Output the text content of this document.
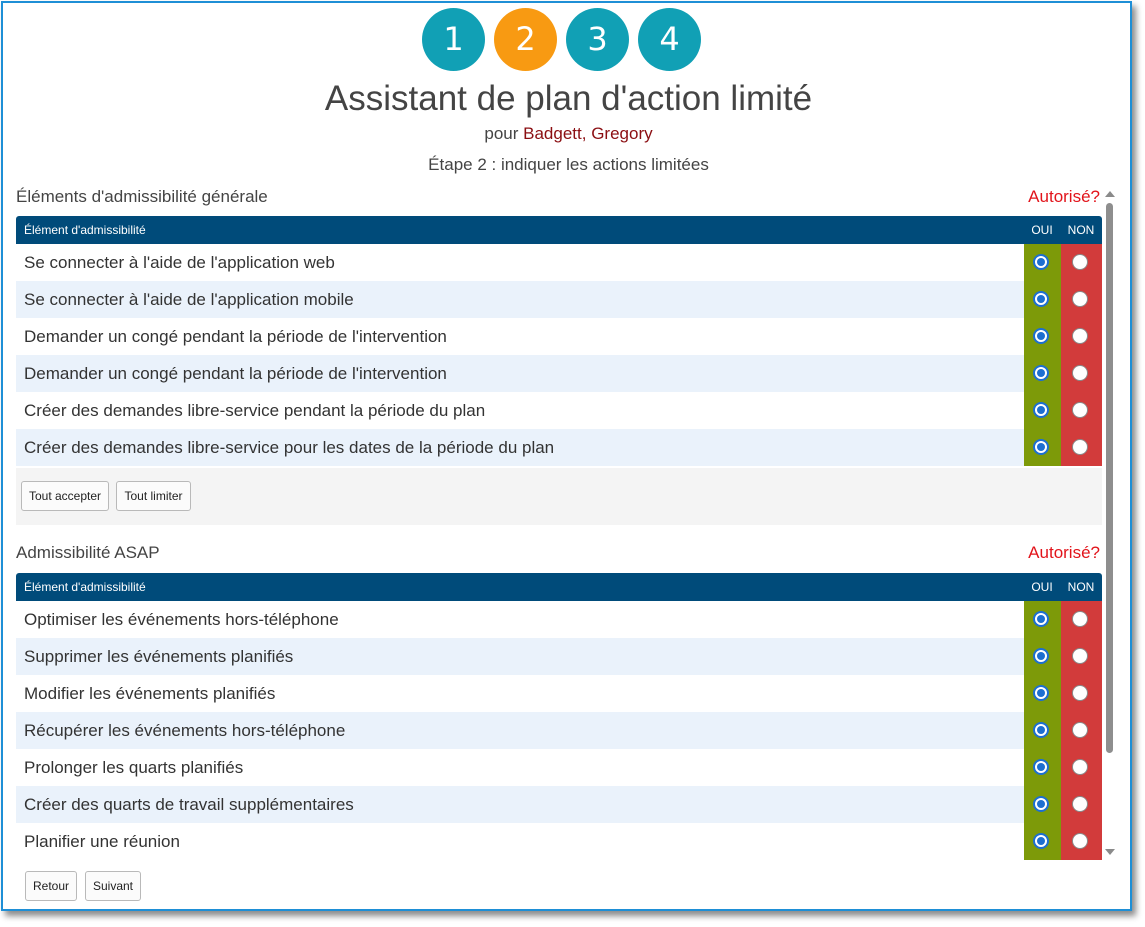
1	2	3	4
Assistant de plan d'action limité
pour Badgett, Gregory
Étape 2 : indiquer les actions limitées
Éléments d'admissibilité générale	Autorisé?
Élément d'admissibilité	OUI	NON
Se connecter à l'aide de l'application web
Se connecter à l'aide de l'application mobile
Demander un congé pendant la période de l'intervention
Demander un congé pendant la période de l'intervention
Créer des demandes libre-service pendant la période du plan
Créer des demandes libre-service pour les dates de la période du plan
Tout accepter	Tout limiter
Admissibilité ASAP	Autorisé?
Élément d'admissibilité	OUI	NON
Optimiser les événements hors-téléphone
Supprimer les événements planifiés
Modifier les événements planifiés
Récupérer les événements hors-téléphone
Prolonger les quarts planifiés
Créer des quarts de travail supplémentaires
Planifier une réunion
Retour	Suivant
